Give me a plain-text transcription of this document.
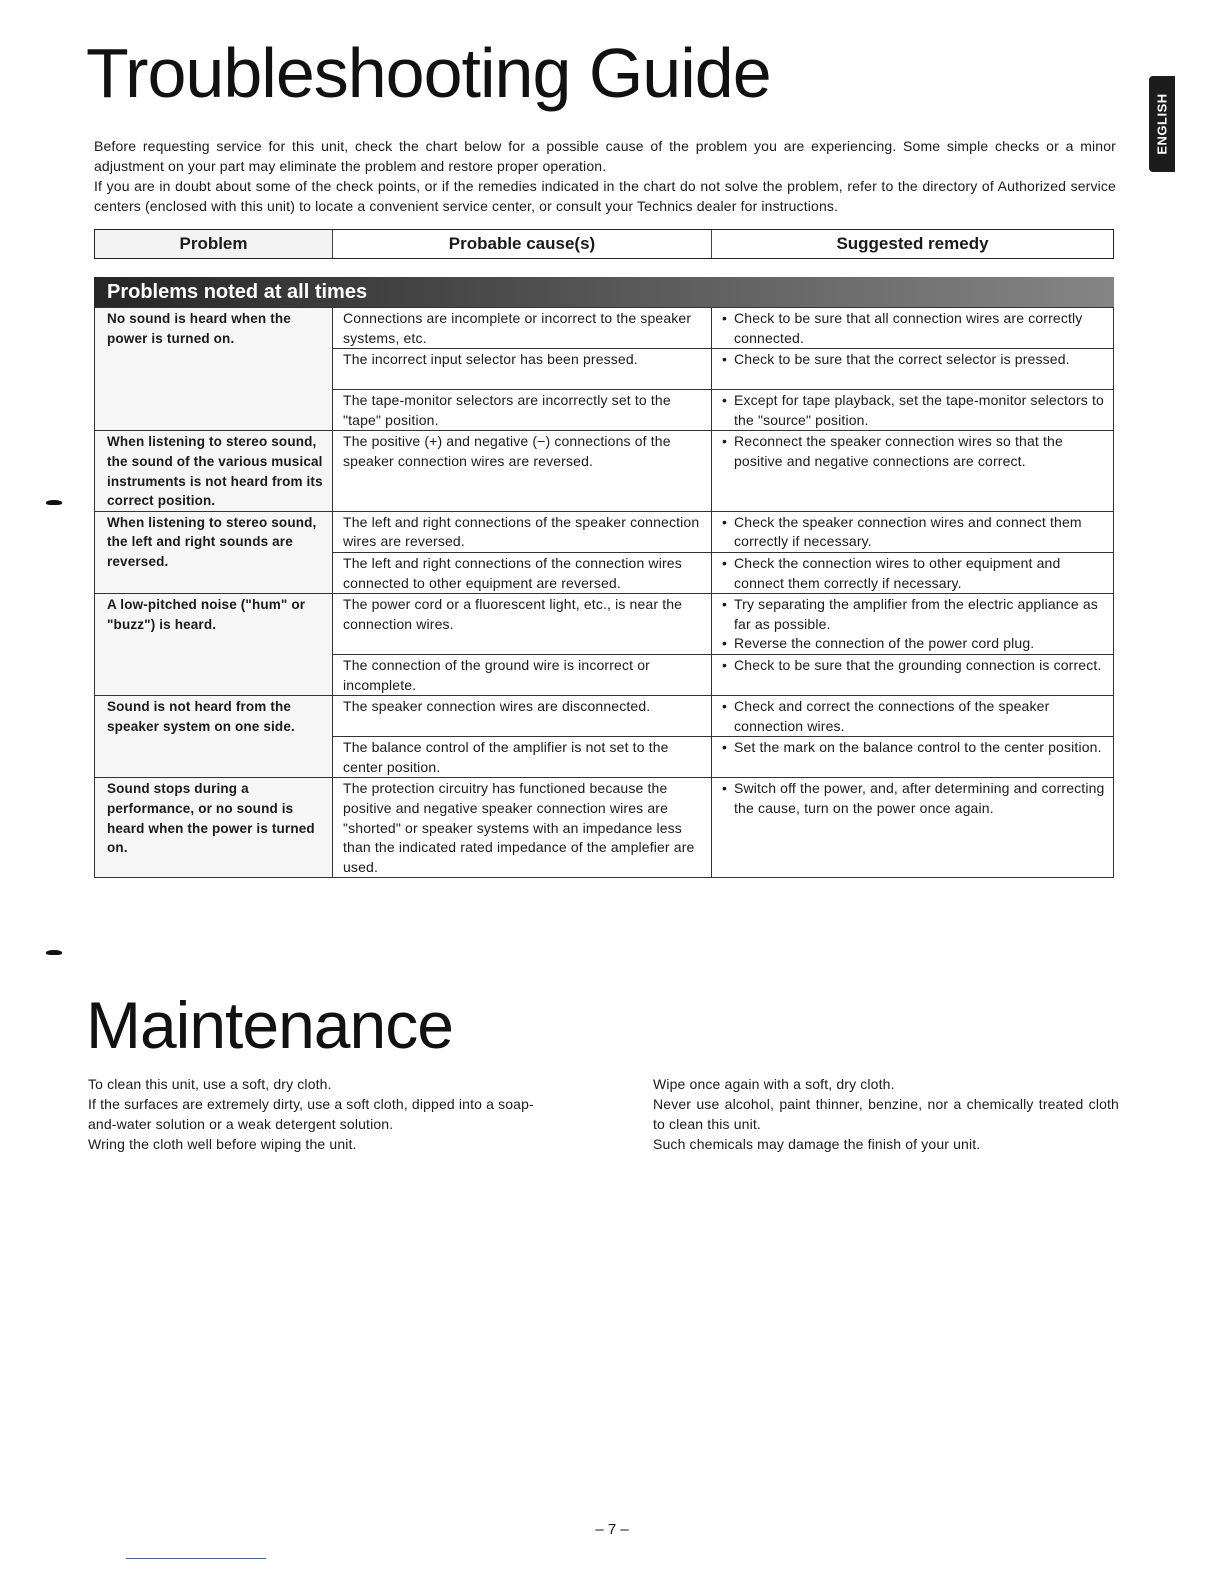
Troubleshooting Guide
ENGLISH

Before requesting service for this unit, check the chart below for a possible cause of the problem you are experiencing. Some simple checks or a minor adjustment on your part may eliminate the problem and restore proper operation.

If you are in doubt about some of the check points, or if the remedies indicated in the chart do not solve the problem, refer to the directory of Authorized service centers (enclosed with this unit) to locate a convenient service center, or consult your Technics dealer for instructions.

Problem	Probable cause(s)	Suggested remedy
Problems noted at all times
No sound is heard when the power is turned on.	Connections are incomplete or incorrect to the speaker systems, etc.	• Check to be sure that all connection wires are correctly connected.

	The incorrect input selector has been pressed.	• Check to be sure that the correct selector is pressed.

	The tape-monitor selectors are incorrectly set to the "tape" position.	• Except for tape playback, set the tape-monitor selectors to the "source" position.

When listening to stereo sound, the sound of the various musical instruments is not heard from its correct position.	The positive (+) and negative (−) connections of the speaker connection wires are reversed.	• Reconnect the speaker connection wires so that the positive and negative connections are correct.

When listening to stereo sound, the left and right sounds are reversed.	The left and right connections of the speaker connection wires are reversed.	• Check the speaker connection wires and connect them correctly if necessary.

	The left and right connections of the connection wires connected to other equipment are reversed.	• Check the connection wires to other equipment and connect them correctly if necessary.

A low-pitched noise ("hum" or "buzz") is heard.	The power cord or a fluorescent light, etc., is near the connection wires.	• Try separating the amplifier from the electric appliance as far as possible.
• Reverse the connection of the power cord plug.

	The connection of the ground wire is incorrect or incomplete.	• Check to be sure that the grounding connection is correct.

Sound is not heard from the speaker system on one side.	The speaker connection wires are disconnected.	• Check and correct the connections of the speaker connection wires.

	The balance control of the amplifier is not set to the center position.	• Set the mark on the balance control to the center position.

Sound stops during a performance, or no sound is heard when the power is turned on.	The protection circuitry has functioned because the positive and negative speaker connection wires are "shorted" or speaker systems with an impedance less than the indicated rated impedance of the amplefier are used.	• Switch off the power, and, after determining and correcting the cause, turn on the power once again.
Maintenance

To clean this unit, use a soft, dry cloth.

If the surfaces are extremely dirty, use a soft cloth, dipped into a soap-and-water solution or a weak detergent solution.

Wring the cloth well before wiping the unit.

Wipe once again with a soft, dry cloth.

Never use alcohol, paint thinner, benzine, nor a chemically treated cloth to clean this unit.

Such chemicals may damage the finish of your unit.

– 7 –
